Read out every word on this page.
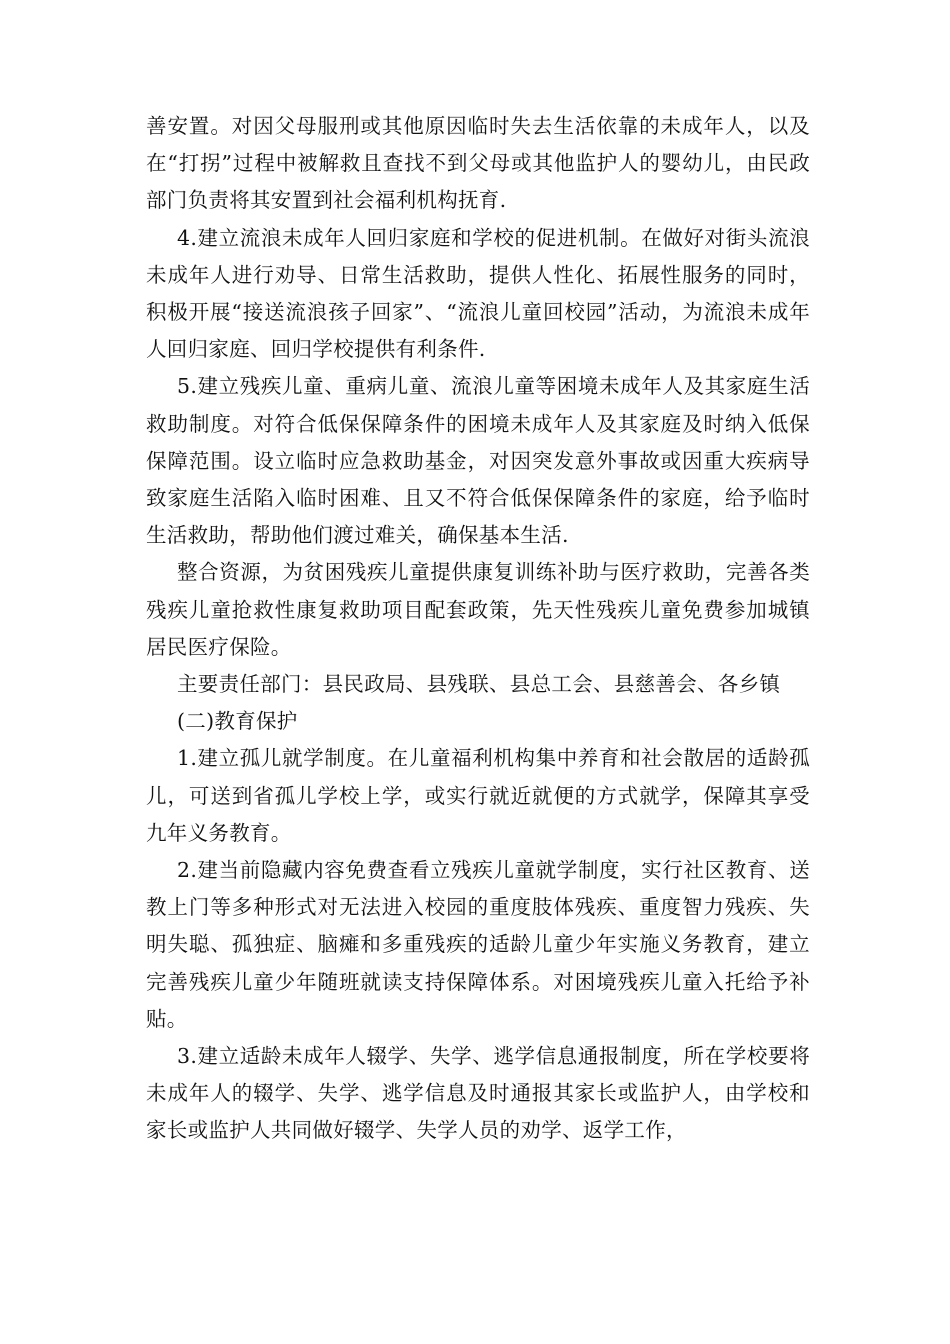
善安置。对因父母服刑或其他原因临时失去生活依靠的未成年人，以及在“打拐”过程中被解救且查找不到父母或其他监护人的婴幼儿，由民政部门负责将其安置到社会福利机构抚育.

4.建立流浪未成年人回归家庭和学校的促进机制。在做好对街头流浪未成年人进行劝导、日常生活救助，提供人性化、拓展性服务的同时，积极开展“接送流浪孩子回家”、“流浪儿童回校园”活动，为流浪未成年人回归家庭、回归学校提供有利条件.

5.建立残疾儿童、重病儿童、流浪儿童等困境未成年人及其家庭生活救助制度。对符合低保保障条件的困境未成年人及其家庭及时纳入低保保障范围。设立临时应急救助基金，对因突发意外事故或因重大疾病导致家庭生活陷入临时困难、且又不符合低保保障条件的家庭，给予临时生活救助，帮助他们渡过难关，确保基本生活.

整合资源，为贫困残疾儿童提供康复训练补助与医疗救助，完善各类残疾儿童抢救性康复救助项目配套政策，先天性残疾儿童免费参加城镇居民医疗保险。

主要责任部门：县民政局、县残联、县总工会、县慈善会、各乡镇

(二)教育保护

1.建立孤儿就学制度。在儿童福利机构集中养育和社会散居的适龄孤儿，可送到省孤儿学校上学，或实行就近就便的方式就学，保障其享受九年义务教育。

2.建当前隐藏内容免费查看立残疾儿童就学制度，实行社区教育、送教上门等多种形式对无法进入校园的重度肢体残疾、重度智力残疾、失明失聪、孤独症、脑瘫和多重残疾的适龄儿童少年实施义务教育，建立完善残疾儿童少年随班就读支持保障体系。对困境残疾儿童入托给予补贴。

3.建立适龄未成年人辍学、失学、逃学信息通报制度，所在学校要将未成年人的辍学、失学、逃学信息及时通报其家长或监护人，由学校和家长或监护人共同做好辍学、失学人员的劝学、返学工作，
